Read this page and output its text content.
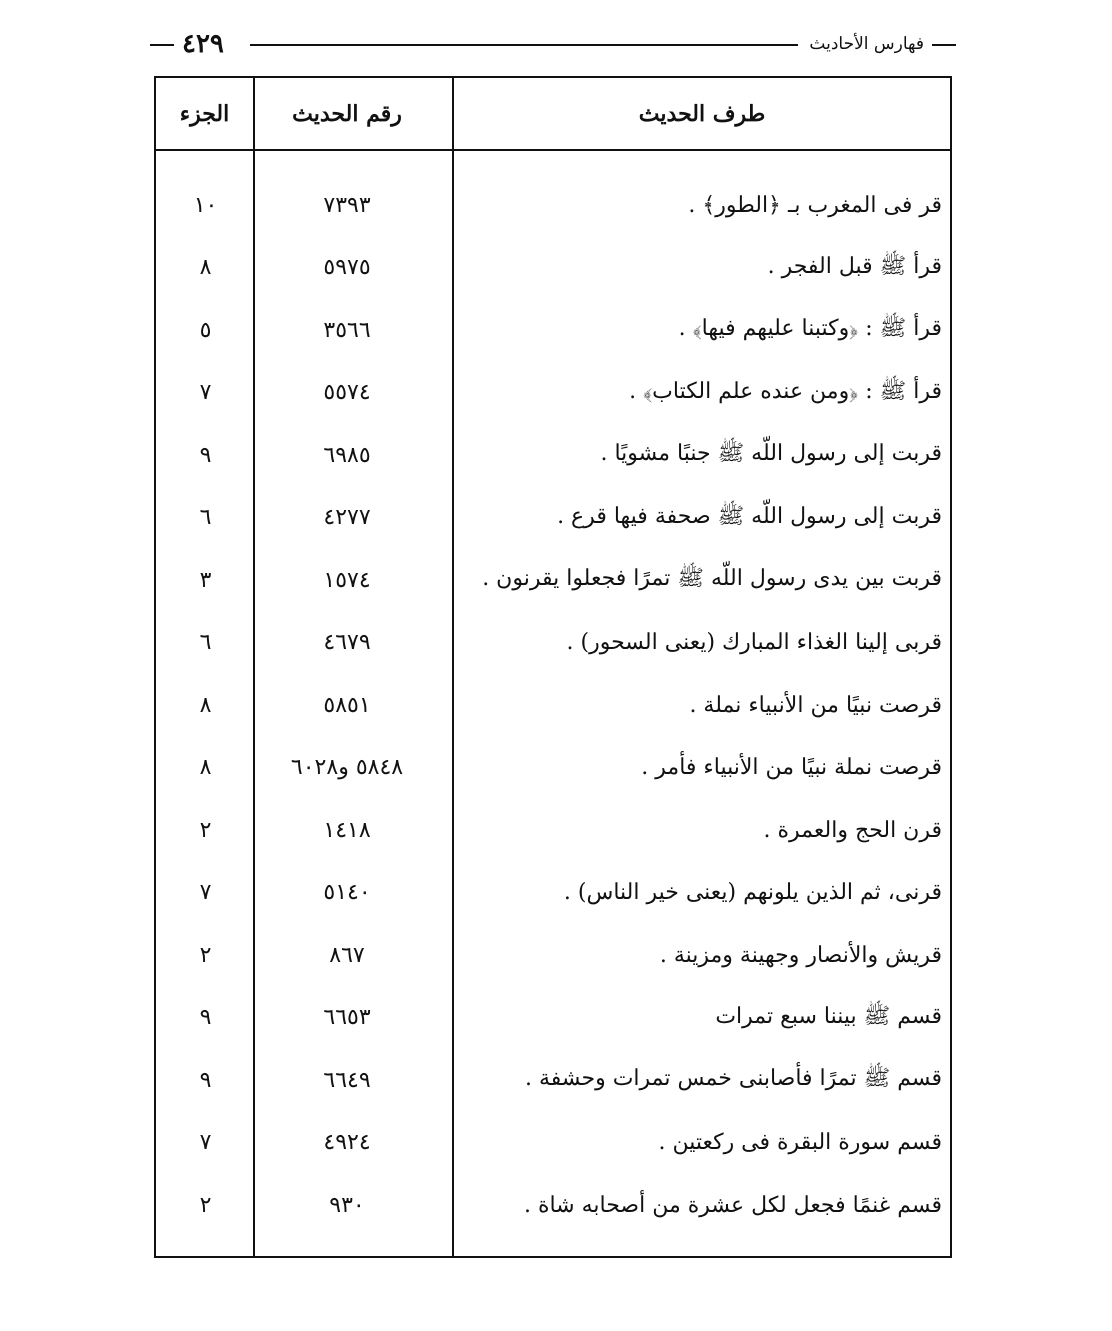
٤٢٩	فهارس الأحاديث
طرف الحديث
رقم الحديث
الجزء
قر فى المغرب بـ ﴿الطور﴾ .
٧٣٩٣
١٠
قرأ ﷺ قبل الفجر .
٥٩٧٥
٨
قرأ ﷺ : ﴿وكتبنا عليهم فيها﴾ .
٣٥٦٦
٥
قرأ ﷺ : ﴿ومن عنده علم الكتاب﴾ .
٥٥٧٤
٧
قربت إلى رسول اللّه ﷺ جنبًا مشويًا .
٦٩٨٥
٩
قربت إلى رسول اللّه ﷺ صحفة فيها قرع .
٤٢٧٧
٦
قربت بين يدى رسول اللّه ﷺ تمرًا فجعلوا يقرنون .
١٥٧٤
٣
قربى إلينا الغذاء المبارك (يعنى السحور) .
٤٦٧٩
٦
قرصت نبيًا من الأنبياء نملة .
٥٨٥١
٨
قرصت نملة نبيًا من الأنبياء فأمر .
٥٨٤٨ و٦٠٢٨
٨
قرن الحج والعمرة .
١٤١٨
٢
قرنى، ثم الذين يلونهم (يعنى خير الناس) .
٥١٤٠
٧
قريش والأنصار وجهينة ومزينة .
٨٦٧
٢
قسم ﷺ بيننا سبع تمرات
٦٦٥٣
٩
قسم ﷺ تمرًا فأصابنى خمس تمرات وحشفة .
٦٦٤٩
٩
قسم سورة البقرة فى ركعتين .
٤٩٢٤
٧
قسم غنمًا فجعل لكل عشرة من أصحابه شاة .
٩٣٠
٢
